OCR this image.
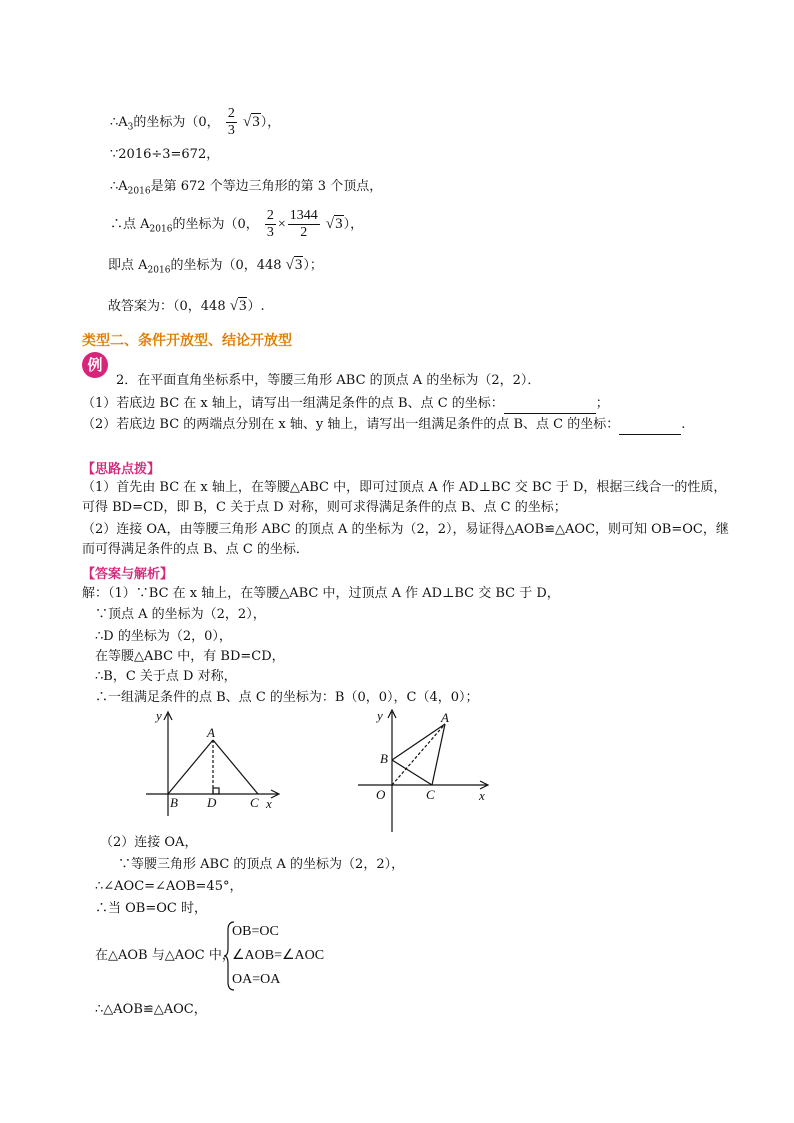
$\therefore A_3$的坐标为（0， $\frac{2}{3} √3$），
∵2016÷3=672，
$\therefore A_{2016}$是第 672 个等边三角形的第 3 个顶点，
∴点 $A_{2016}$的坐标为（0， $\frac{2}{3} \times \frac{1344}{2} √3$），
即点 $A_{2016}$的坐标为（0，448 √3）；
故答案为：（0，448 √3）.
类型二、条件开放型、结论开放型
例
2．在平面直角坐标系中，等腰三角形 ABC 的顶点 A 的坐标为（2，2）．
（1）若底边 BC 在 x 轴上，请写出一组满足条件的点 B、点 C 的坐标：	；
（2）若底边 BC 的两端点分别在 x 轴、y 轴上，请写出一组满足条件的点 B、点 C 的坐标：	.
【思路点拨】
（1）首先由 BC 在 x 轴上，在等腰△ABC 中，即可过顶点 A 作 AD⊥BC 交 BC 于 D，根据三线合一的性质，
可得 BD=CD，即 B，C 关于点 D 对称，则可求得满足条件的点 B、点 C 的坐标；
（2）连接 OA，由等腰三角形 ABC 的顶点 A 的坐标为（2，2），易证得△AOB≌△AOC，则可知 OB=OC，继
而可得满足条件的点 B、点 C 的坐标．
【答案与解析】
解：（1）∵BC 在 x 轴上，在等腰△ABC 中，过顶点 A 作 AD⊥BC 交 BC 于 D，
∵顶点 A 的坐标为（2，2），
∴D 的坐标为（2，0），
在等腰△ABC 中，有 BD=CD，
∴B，C 关于点 D 对称，
∴一组满足条件的点 B、点 C 的坐标为：B（0，0），C（4，0）；
y
A
B D	C x
y	A
B
O	C	x
（2）连接 OA，
∵等腰三角形 ABC 的顶点 A 的坐标为（2，2），
∴∠AOC=∠AOB=45°，
∴当 OB=OC 时，
在△AOB 与△AOC 中，
OB=OC
∠AOB=∠AOC
OA=OA
∴△AOB≌△AOC，
